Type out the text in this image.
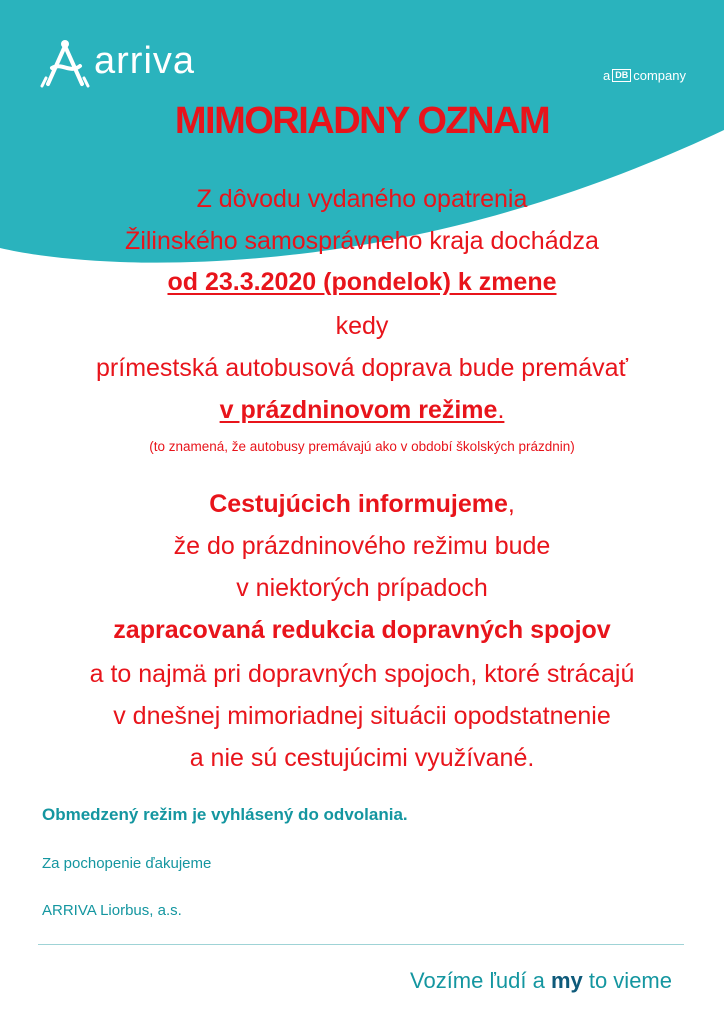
arriva	a DB company
MIMORIADNY OZNAM
Z dôvodu vydaného opatrenia
Žilinského samosprávneho kraja dochádza
od 23.3.2020 (pondelok) k zmene
kedy
prímestská autobusová doprava bude premávať
v prázdninovom režime.
(to znamená, že autobusy premávajú ako v období školských prázdnin)
Cestujúcich informujeme,
že do prázdninového režimu bude
v niektorých prípadoch
zapracovaná redukcia dopravných spojov
a to najmä pri dopravných spojoch, ktoré strácajú
v dnešnej mimoriadnej situácii opodstatnenie
a nie sú cestujúcimi využívané.
Obmedzený režim je vyhlásený do odvolania.
Za pochopenie ďakujeme
ARRIVA Liorbus, a.s.
Vozíme ľudí a my to vieme
